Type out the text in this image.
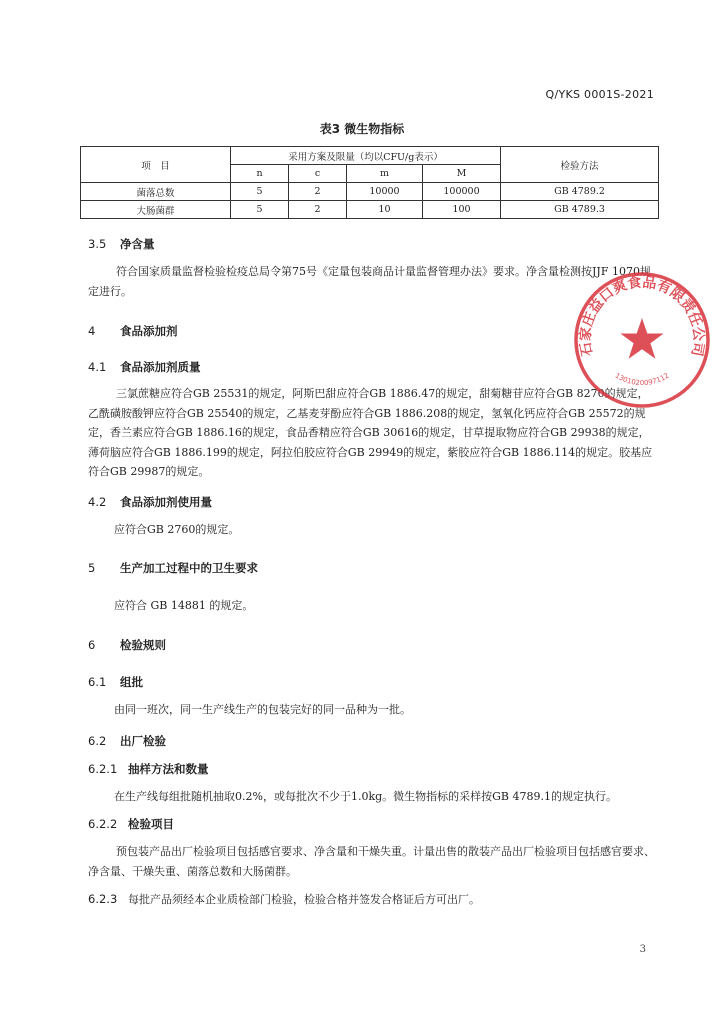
Q/YKS 0001S-2021
表3 微生物指标
项　目	采用方案及限量（均以CFU/g表示）				检验方法
	n	c	m	M	
菌落总数	5	2	10000	100000	GB 4789.2
大肠菌群	5	2	10	100	GB 4789.3
3.5 净含量
符合国家质量监督检验检疫总局令第75号《定量包装商品计量监督管理办法》要求。净含量检测按JJF 1070规定进行。
4 食品添加剂
4.1 食品添加剂质量
三氯蔗糖应符合GB 25531的规定，阿斯巴甜应符合GB 1886.47的规定，甜菊糖苷应符合GB 8270的规定，乙酰磺胺酸钾应符合GB 25540的规定，乙基麦芽酚应符合GB 1886.208的规定，氢氧化钙应符合GB 25572的规定，香兰素应符合GB 1886.16的规定，食品香精应符合GB 30616的规定，甘草提取物应符合GB 29938的规定，薄荷脑应符合GB 1886.199的规定，阿拉伯胶应符合GB 29949的规定，紫胶应符合GB 1886.114的规定。胶基应符合GB 29987的规定。
4.2 食品添加剂使用量
应符合GB 2760的规定。
5 生产加工过程中的卫生要求
应符合 GB 14881 的规定。
6 检验规则
6.1 组批
由同一班次，同一生产线生产的包装完好的同一品种为一批。
6.2 出厂检验
6.2.1 抽样方法和数量
在生产线每组批随机抽取0.2%，或每批次不少于1.0kg。微生物指标的采样按GB 4789.1的规定执行。
6.2.2 检验项目
预包装产品出厂检验项目包括感官要求、净含量和干燥失重。计量出售的散装产品出厂检验项目包括感官要求、净含量、干燥失重、菌落总数和大肠菌群。
6.2.3 每批产品须经本企业质检部门检验，检验合格并签发合格证后方可出厂。
石家庄益口爽食品有限责任公司
1301020097112
3
